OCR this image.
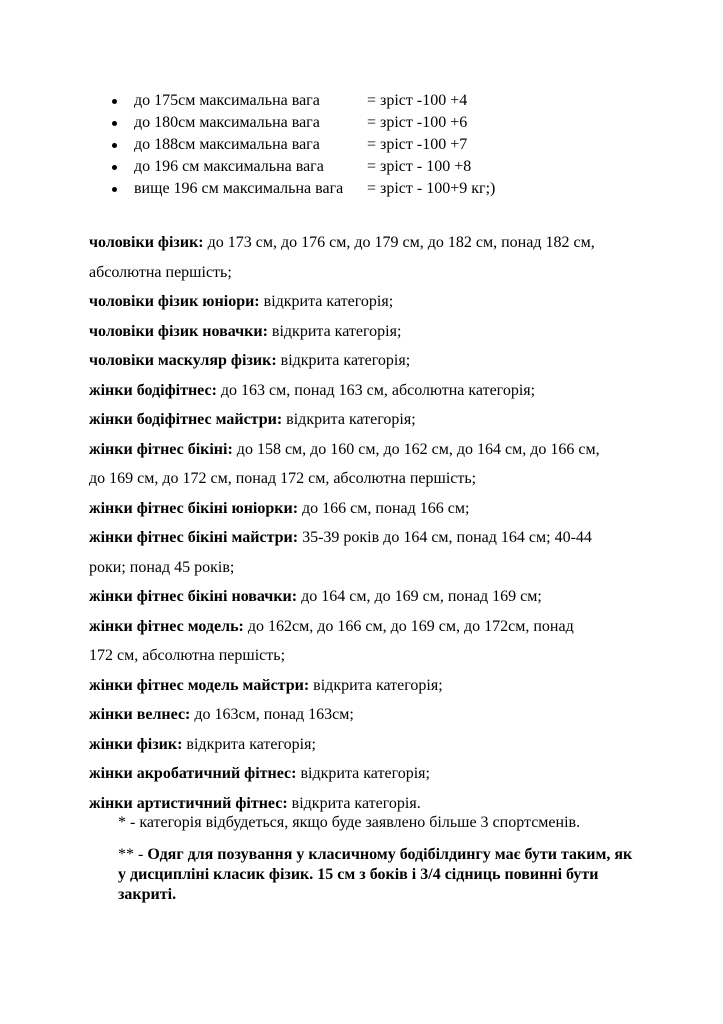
до 175см максимальна вага	= зріст -100 +4
до 180см максимальна вага	= зріст -100 +6
до 188см максимальна вага	= зріст -100 +7
до 196 см максимальна вага	= зріст - 100 +8
вище 196 см максимальна вага = зріст - 100+9 кг;)

чоловіки фізик: до 173 см, до 176 см, до 179 см, до 182 см, понад 182 см,

абсолютна першість;

чоловіки фізик юніори: відкрита категорія;

чоловіки фізик новачки: відкрита категорія;

чоловіки маскуляр фізик: відкрита категорія;

жінки бодіфітнес: до 163 см, понад 163 см, абсолютна категорія;

жінки бодіфітнес майстри: відкрита категорія;

жінки фітнес бікіні: до 158 см, до 160 см, до 162 см, до 164 см, до 166 см,

до 169 см, до 172 см, понад 172 см, абсолютна першість;

жінки фітнес бікіні юніорки: до 166 см, понад 166 см;

жінки фітнес бікіні майстри: 35-39 років до 164 см, понад 164 см; 40-44

роки; понад 45 років;

жінки фітнес бікіні новачки: до 164 см, до 169 см, понад 169 см;

жінки фітнес модель: до 162см, до 166 см, до 169 см, до 172см, понад

172 см, абсолютна першість;

жінки фітнес модель майстри: відкрита категорія;

жінки велнес: до 163см, понад 163см;

жінки фізик: відкрита категорія;

жінки акробатичний фітнес: відкрита категорія;

жінки артистичний фітнес: відкрита категорія.

* - категорія відбудеться, якщо буде заявлено більше 3 спортсменів.

** - Одяг для позування у класичному бодібілдингу має бути таким, як у дисципліні класик фізик. 15 см з боків і 3/4 сідниць повинні бути закриті.
